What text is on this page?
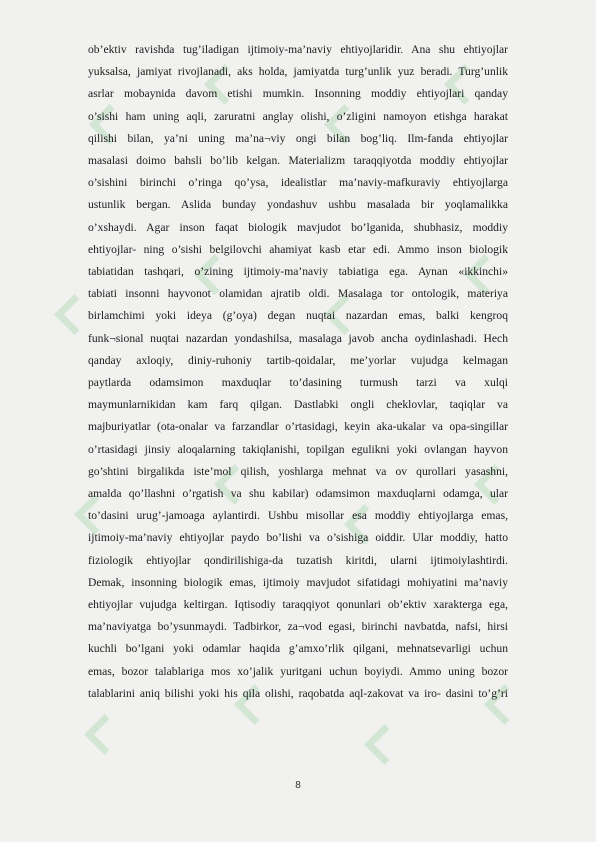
ob’ektiv ravishda tug’iladigan ijtimoiy-ma’naviy ehtiyojlaridir. Ana shu ehtiyojlar
yuksalsa, jamiyat rivojlanadi, aks holda, jamiyatda turg’unlik yuz beradi. Turg’unlik
asrlar mobaynida davom etishi mumkin. Insonning moddiy ehtiyojlari qanday
o’sishi ham uning aqli, zaruratni anglay olishi, o’zligini namoyon etishga harakat
qilishi bilan, ya’ni uning ma’na¬viy ongi bilan bog’liq. Ilm-fanda ehtiyojlar
masalasi doimo bahsli bo’lib kelgan. Materializm taraqqiyotda moddiy ehtiyojlar
o’sishini birinchi o’ringa qo’ysa, idealistlar ma’naviy-mafkuraviy ehtiyojlarga
ustunlik bergan. Aslida bunday yondashuv ushbu masalada bir yoqlamalikka
o’xshaydi. Agar inson faqat biologik mavjudot bo’lganida, shubhasiz, moddiy
ehtiyojlar- ning o’sishi belgilovchi ahamiyat kasb etar edi. Ammo inson biologik
tabiatidan tashqari, o’zining ijtimoiy-ma’naviy tabiatiga ega. Aynan «ikkinchi»
tabiati insonni hayvonot olamidan ajratib oldi. Masalaga tor ontologik, materiya
birlamchimi yoki ideya (g’oya) degan nuqtai nazardan emas, balki kengroq
funk¬sional nuqtai nazardan yondashilsa, masalaga javob ancha oydinlashadi. Hech
qanday axloqiy, diniy-ruhoniy tartib-qoidalar, me’yorlar vujudga kelmagan
paytlarda odamsimon maxduqlar to’dasining turmush tarzi va xulqi
maymunlarnikidan kam farq qilgan. Dastlabki ongli cheklovlar, taqiqlar va
majburiyatlar (ota-onalar va farzandlar o’rtasidagi, keyin aka-ukalar va opa-singillar
o’rtasidagi jinsiy aloqalarning takiqlanishi, topilgan egulikni yoki ovlangan hayvon
go’shtini birgalikda iste’mol qilish, yoshlarga mehnat va ov qurollari yasashni,
amalda qo’llashni o’rgatish va shu kabilar) odamsimon maxduqlarni odamga, ular
to’dasini urug’-jamoaga aylantirdi. Ushbu misollar esa moddiy ehtiyojlarga emas,
ijtimoiy-ma’naviy ehtiyojlar paydo bo’lishi va o’sishiga oiddir. Ular moddiy, hatto
fiziologik ehtiyojlar qondirilishiga-da tuzatish kiritdi, ularni ijtimoiylashtirdi.
Demak, insonning biologik emas, ijtimoiy mavjudot sifatidagi mohiyatini ma’naviy
ehtiyojlar vujudga keltirgan. Iqtisodiy taraqqiyot qonunlari ob’ektiv xarakterga ega,
ma’naviyatga bo’ysunmaydi. Tadbirkor, za¬vod egasi, birinchi navbatda, nafsi, hirsi
kuchli bo’lgani yoki odamlar haqida g’amxo’rlik qilgani, mehnatsevarligi uchun
emas, bozor talablariga mos xo’jalik yuritgani uchun boyiydi. Ammo uning bozor
talablarini aniq bilishi yoki his qila olishi, raqobatda aql-zakovat va iro- dasini to’g’ri
8
